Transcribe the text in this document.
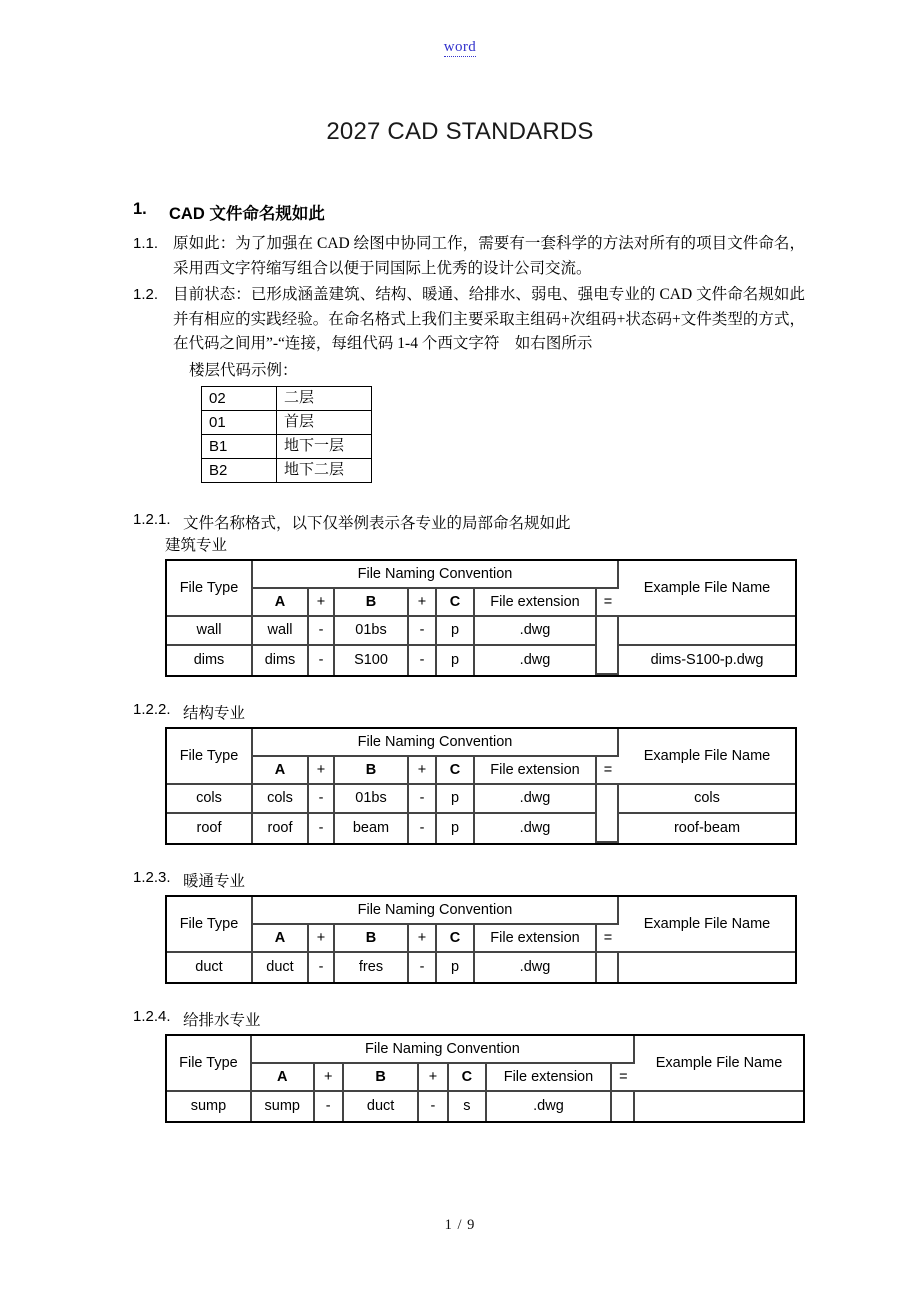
word
2027 CAD STANDARDS
1.	CAD 文件命名规如此
1.1. 原如此：为了加强在 CAD 绘图中协同工作，需要有一套科学的方法对所有的项目文件命名，采用西文字符缩写组合以便于同国际上优秀的设计公司交流。
1.2. 目前状态：已形成涵盖建筑、结构、暖通、给排水、弱电、强电专业的 CAD 文件命名规如此并有相应的实践经验。在命名格式上我们主要采取主组码+次组码+状态码+文件类型的方式，在代码之间用”-“连接，每组代码 1-4 个西文字符　如右图所示
楼层代码示例：
02	二层
01	首层
B1	地下一层
B2	地下二层
1.2.1. 文件名称格式，以下仅举例表示各专业的局部命名规如此
建筑专业
File Type	File Naming Convention							Example File Name
	A	+	B	+	C	File extension	=	
wall	wall	-	01bs	-	p	.dwg		
dims	dims	-	S100	-	p	.dwg		dims-S100-p.dwg
1.2.2. 结构专业
File Type	File Naming Convention							Example File Name
	A	+	B	+	C	File extension	=	
cols	cols	-	01bs	-	p	.dwg		cols
roof	roof	-	beam	-	p	.dwg		roof-beam
1.2.3. 暖通专业
File Type	File Naming Convention							Example File Name
	A	+	B	+	C	File extension	=	
duct	duct	-	fres	-	p	.dwg		
1.2.4. 给排水专业
File Type	File Naming Convention							Example File Name
	A	+	B	+	C	File extension	=	
sump	sump	-	duct	-	s	.dwg		
1 / 9
